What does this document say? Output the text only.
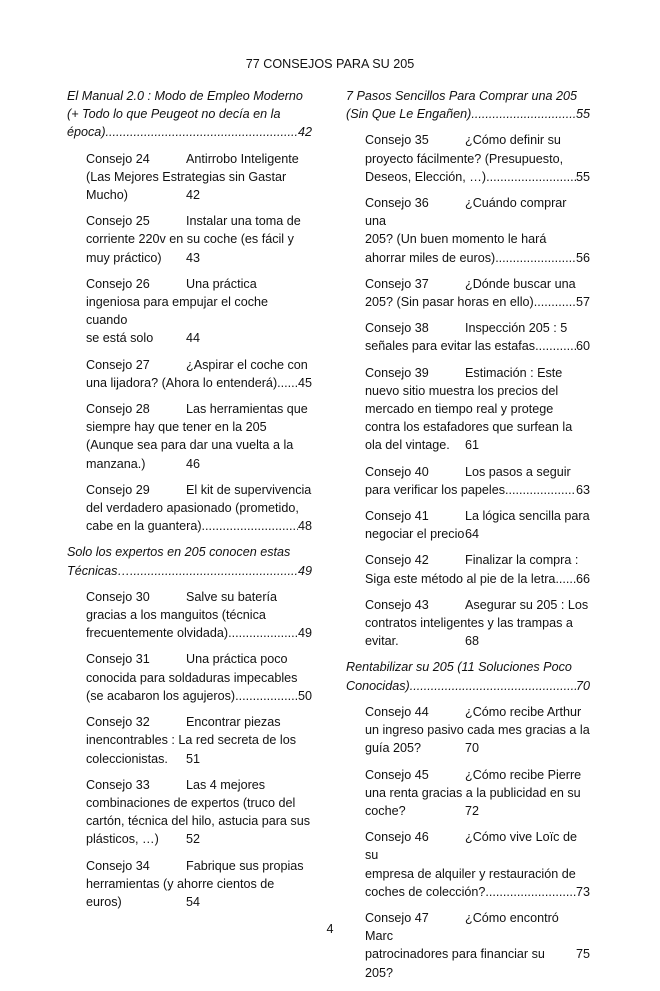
77 CONSEJOS PARA SU 205
El Manual 2.0 : Modo de Empleo Moderno
(+ Todo lo que Peugeot no decía en la
época) .....	42
Consejo 24	Antirrobo Inteligente
(Las Mejores Estrategias sin Gastar
Mucho)	42
Consejo 25	Instalar una toma de
corriente 220v en su coche (es fácil y
muy práctico) 43
Consejo 26	Una práctica
ingeniosa para empujar el coche cuando
se está solo	44
Consejo 27	¿Aspirar el coche con
una lijadora? (Ahora lo entenderá) ..... 45
Consejo 28	Las herramientas que
siempre hay que tener en la 205
(Aunque sea para dar una vuelta a la
manzana.)	46
Consejo 29	El kit de supervivencia
del verdadero apasionado (prometido,
cabe en la guantera). .....	48
Solo los expertos en 205 conocen estas
Técnicas… .....	49
Consejo 30	Salve su batería
gracias a los manguitos (técnica
frecuentemente olvidada) .....	49
Consejo 31	Una práctica poco
conocida para soldaduras impecables
(se acabaron los agujeros) .....	50
Consejo 32	Encontrar piezas
inencontrables : La red secreta de los
coleccionistas. 51
Consejo 33	Las 4 mejores
combinaciones de expertos (truco del
cartón, técnica del hilo, astucia para sus
plásticos, …) 52
Consejo 34	Fabrique sus propias
herramientas (y ahorre cientos de
euros)	54
7 Pasos Sencillos Para Comprar una 205
(Sin Que Le Engañen) .....	55
Consejo 35	¿Cómo definir su
proyecto fácilmente? (Presupuesto,
Deseos, Elección, …). .....	55
Consejo 36	¿Cuándo comprar una
205? (Un buen momento le hará
ahorrar miles de euros) .....	56
Consejo 37	¿Dónde buscar una
205? (Sin pasar horas en ello) .....	57
Consejo 38	Inspección 205 : 5
señales para evitar las estafas .....	60
Consejo 39	Estimación : Este
nuevo sitio muestra los precios del
mercado en tiempo real y protege
contra los estafadores que surfean la
ola del vintage. 61
Consejo 40	Los pasos a seguir
para verificar los papeles .....	63
Consejo 41	La lógica sencilla para
negociar el precio64
Consejo 42	Finalizar la compra :
Siga este método al pie de la letra ..... 66
Consejo 43	Asegurar su 205 : Los
contratos inteligentes y las trampas a
evitar.	68
Rentabilizar su 205 (11 Soluciones Poco
Conocidas) .....	70
Consejo 44	¿Cómo recibe Arthur
un ingreso pasivo cada mes gracias a la
guía 205?	70
Consejo 45	¿Cómo recibe Pierre
una renta gracias a la publicidad en su
coche?	72
Consejo 46	¿Cómo vive Loïc de su
empresa de alquiler y restauración de
coches de colección? .....	73
Consejo 47	¿Cómo encontró Marc
patrocinadores para financiar su 205?
75
4
